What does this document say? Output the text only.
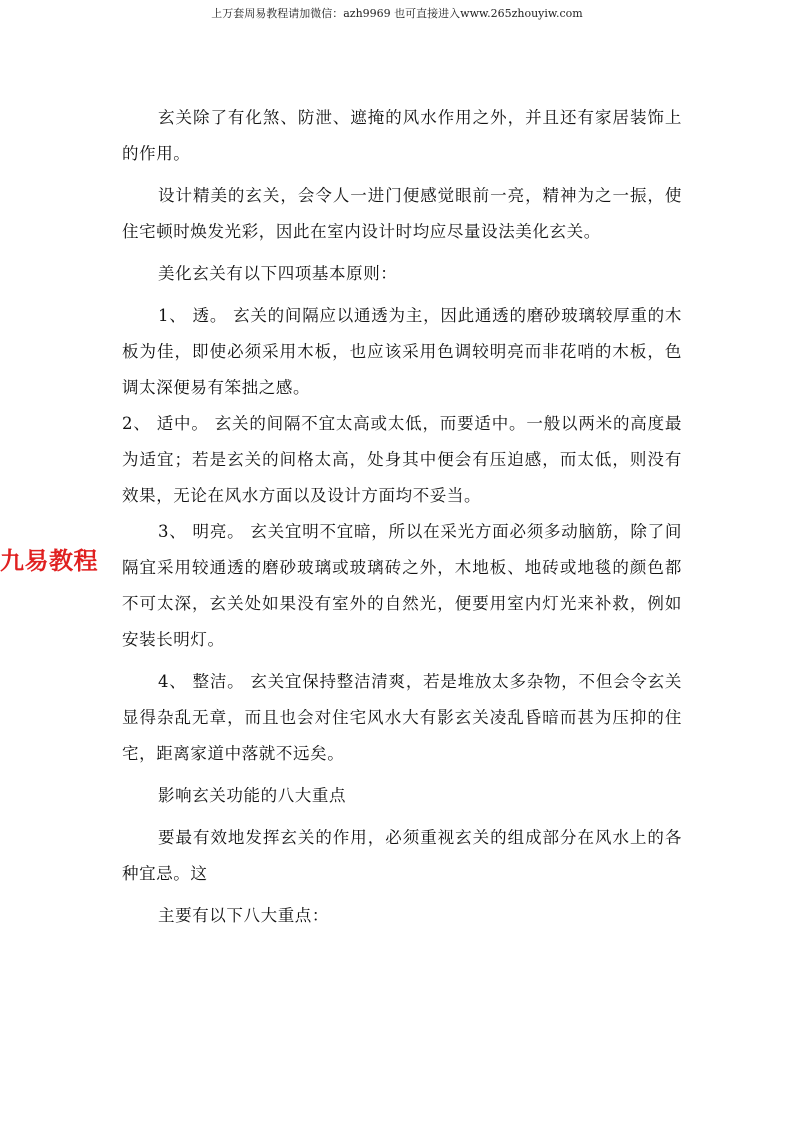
上万套周易教程请加微信：azh9969 也可直接进入www.265zhouyiw.com
九易教程

玄关除了有化煞、防泄、遮掩的风水作用之外，并且还有家居装饰上的作用。

设计精美的玄关，会令人一进门便感觉眼前一亮，精神为之一振，使住宅顿时焕发光彩，因此在室内设计时均应尽量设法美化玄关。

美化玄关有以下四项基本原则：

1、 透。 玄关的间隔应以通透为主，因此通透的磨砂玻璃较厚重的木板为佳，即使必须采用木板，也应该采用色调较明亮而非花哨的木板，色调太深便易有笨拙之感。

2、 适中。 玄关的间隔不宜太高或太低，而要适中。一般以两米的高度最为适宜；若是玄关的间格太高，处身其中便会有压迫感，而太低，则没有效果，无论在风水方面以及设计方面均不妥当。

3、 明亮。 玄关宜明不宜暗，所以在采光方面必须多动脑筋，除了间隔宜采用较通透的磨砂玻璃或玻璃砖之外，木地板、地砖或地毯的颜色都不可太深，玄关处如果没有室外的自然光，便要用室内灯光来补救，例如安装长明灯。

4、 整洁。 玄关宜保持整洁清爽，若是堆放太多杂物，不但会令玄关显得杂乱无章，而且也会对住宅风水大有影玄关凌乱昏暗而甚为压抑的住宅，距离家道中落就不远矣。

影响玄关功能的八大重点

要最有效地发挥玄关的作用，必须重视玄关的组成部分在风水上的各种宜忌。这

主要有以下八大重点：
